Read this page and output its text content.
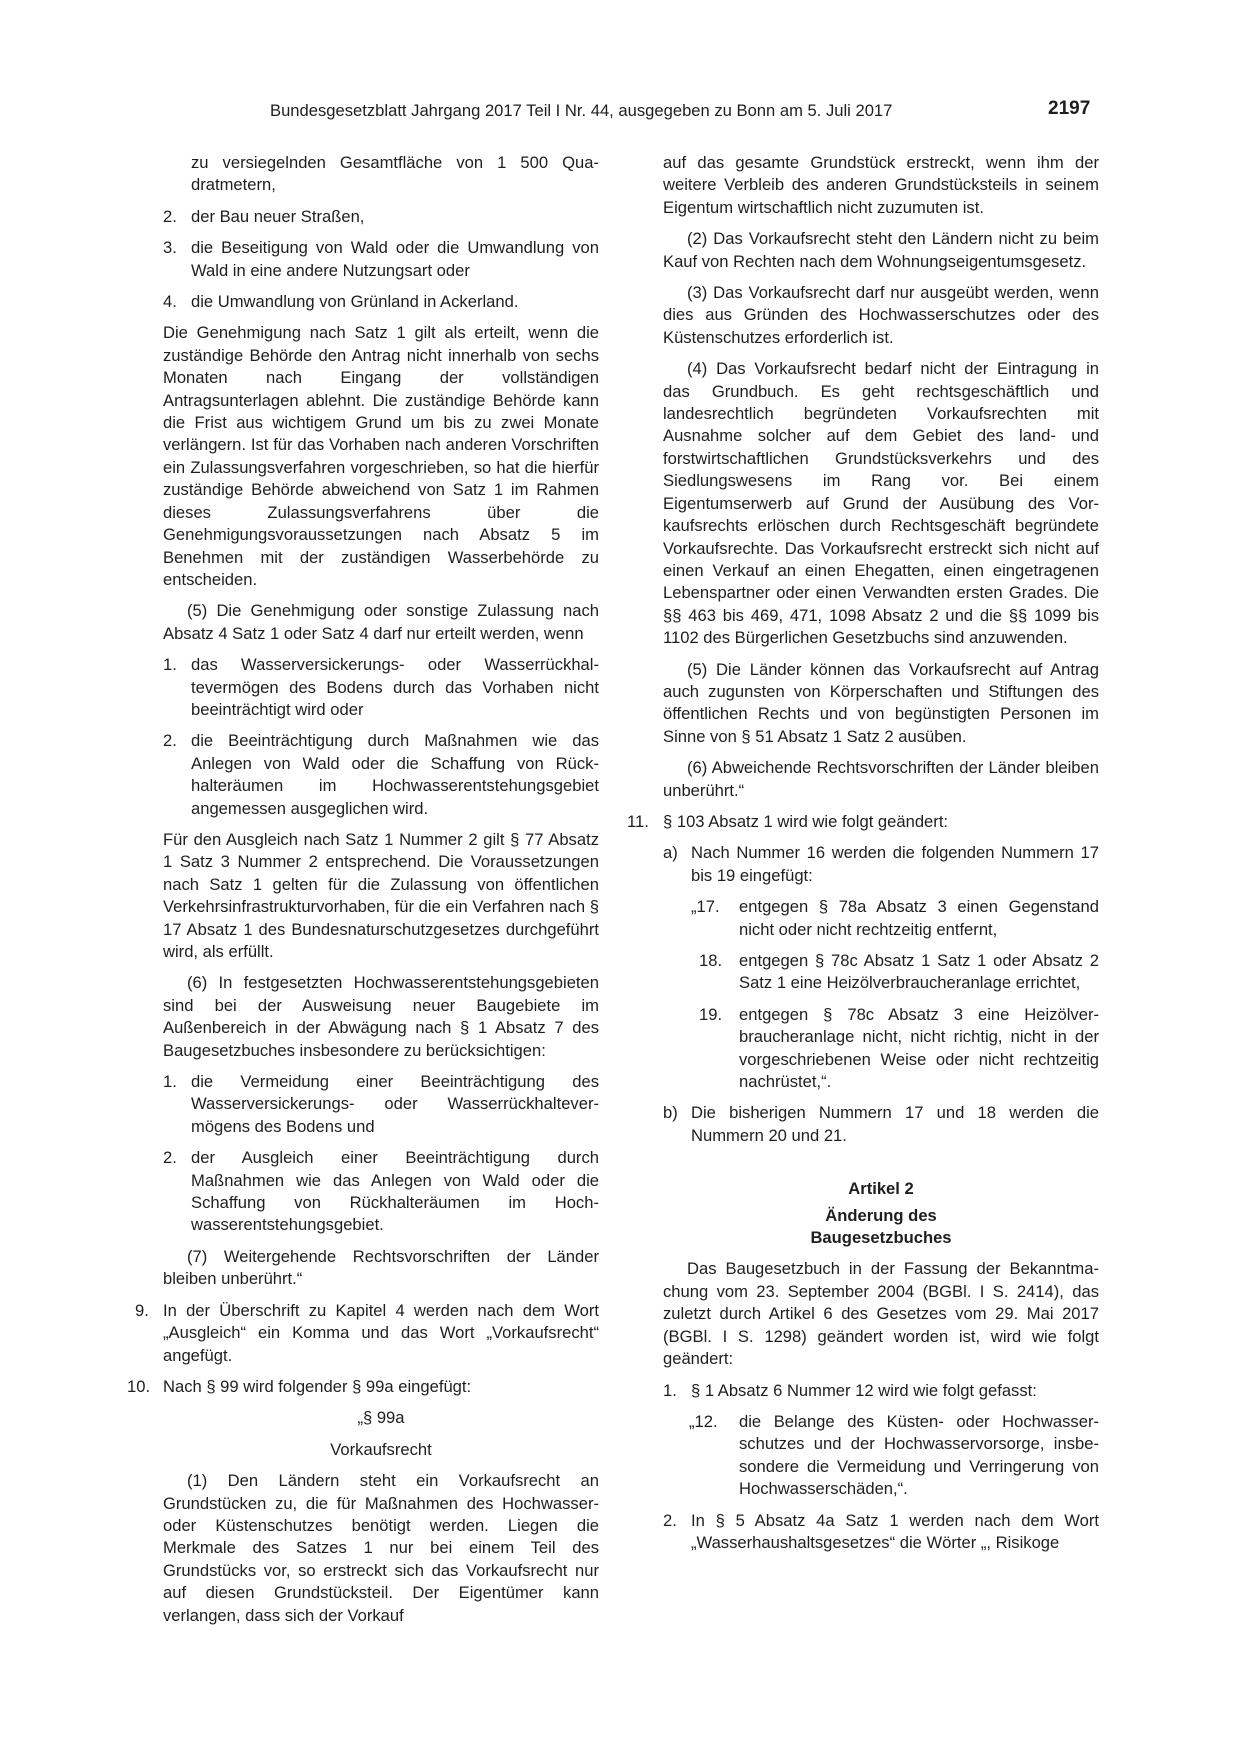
Bundesgesetzblatt Jahrgang 2017 Teil I Nr. 44, ausgegeben zu Bonn am 5. Juli 2017	2197

zu versiegelnden Gesamtfläche von 1 500 Quadratmetern,

2. der Bau neuer Straßen,
3. die Beseitigung von Wald oder die Umwandlung von Wald in eine andere Nutzungsart oder
4. die Umwandlung von Grünland in Ackerland.

Die Genehmigung nach Satz 1 gilt als erteilt, wenn die zuständige Behörde den Antrag nicht innerhalb von sechs Monaten nach Eingang der vollständigen Antragsunterlagen ablehnt. Die zuständige Behörde kann die Frist aus wichtigem Grund um bis zu zwei Monate verlängern. Ist für das Vorhaben nach anderen Vorschriften ein Zulassungsverfahren vorgeschrieben, so hat die hierfür zuständige Behörde abweichend von Satz 1 im Rahmen dieses Zulassungsverfahrens über die Genehmigungsvoraussetzungen nach Absatz 5 im Benehmen mit der zuständigen Wasserbehörde zu entscheiden.

(5) Die Genehmigung oder sonstige Zulassung nach Absatz 4 Satz 1 oder Satz 4 darf nur erteilt werden, wenn

1. das Wasserversickerungs- oder Wasserrückhaltevermögen des Bodens durch das Vorhaben nicht beeinträchtigt wird oder
2. die Beeinträchtigung durch Maßnahmen wie das Anlegen von Wald oder die Schaffung von Rückhalteräumen im Hochwasserentstehungsgebiet angemessen ausgeglichen wird.

Für den Ausgleich nach Satz 1 Nummer 2 gilt § 77 Absatz 1 Satz 3 Nummer 2 entsprechend. Die Voraussetzungen nach Satz 1 gelten für die Zulassung von öffentlichen Verkehrsinfrastrukturvorhaben, für die ein Verfahren nach § 17 Absatz 1 des Bundesnaturschutzgesetzes durchgeführt wird, als erfüllt.

(6) In festgesetzten Hochwasserentstehungsgebieten sind bei der Ausweisung neuer Baugebiete im Außenbereich in der Abwägung nach § 1 Absatz 7 des Baugesetzbuches insbesondere zu berücksichtigen:

1. die Vermeidung einer Beeinträchtigung des Wasserversickerungs- oder Wasserrückhaltevermögens des Bodens und
2. der Ausgleich einer Beeinträchtigung durch Maßnahmen wie das Anlegen von Wald oder die Schaffung von Rückhalteräumen im Hochwasserentstehungsgebiet.

(7) Weitergehende Rechtsvorschriften der Länder bleiben unberührt.“

9. In der Überschrift zu Kapitel 4 werden nach dem Wort „Ausgleich“ ein Komma und das Wort „Vorkaufsrecht“ angefügt.
10. Nach § 99 wird folgender § 99a eingefügt:

„§ 99a

Vorkaufsrecht

(1) Den Ländern steht ein Vorkaufsrecht an Grundstücken zu, die für Maßnahmen des Hochwasser- oder Küstenschutzes benötigt werden. Liegen die Merkmale des Satzes 1 nur bei einem Teil des Grundstücks vor, so erstreckt sich das Vorkaufsrecht nur auf diesen Grundstücksteil. Der Eigentümer kann verlangen, dass sich der Vorkauf

auf das gesamte Grundstück erstreckt, wenn ihm der weitere Verbleib des anderen Grundstücksteils in seinem Eigentum wirtschaftlich nicht zuzumuten ist.

(2) Das Vorkaufsrecht steht den Ländern nicht zu beim Kauf von Rechten nach dem Wohnungseigentumsgesetz.

(3) Das Vorkaufsrecht darf nur ausgeübt werden, wenn dies aus Gründen des Hochwasserschutzes oder des Küstenschutzes erforderlich ist.

(4) Das Vorkaufsrecht bedarf nicht der Eintragung in das Grundbuch. Es geht rechtsgeschäftlich und landesrechtlich begründeten Vorkaufsrechten mit Ausnahme solcher auf dem Gebiet des land- und forstwirtschaftlichen Grundstücksverkehrs und des Siedlungswesens im Rang vor. Bei einem Eigentumserwerb auf Grund der Ausübung des Vorkaufsrechts erlöschen durch Rechtsgeschäft begründete Vorkaufsrechte. Das Vorkaufsrecht erstreckt sich nicht auf einen Verkauf an einen Ehegatten, einen eingetragenen Lebenspartner oder einen Verwandten ersten Grades. Die §§ 463 bis 469, 471, 1098 Absatz 2 und die §§ 1099 bis 1102 des Bürgerlichen Gesetzbuchs sind anzuwenden.

(5) Die Länder können das Vorkaufsrecht auf Antrag auch zugunsten von Körperschaften und Stiftungen des öffentlichen Rechts und von begünstigten Personen im Sinne von § 51 Absatz 1 Satz 2 ausüben.

(6) Abweichende Rechtsvorschriften der Länder bleiben unberührt.“

11. § 103 Absatz 1 wird wie folgt geändert:
a) Nach Nummer 16 werden die folgenden Nummern 17 bis 19 eingefügt:
„17. entgegen § 78a Absatz 3 einen Gegenstand nicht oder nicht rechtzeitig entfernt,
18. entgegen § 78c Absatz 1 Satz 1 oder Absatz 2 Satz 1 eine Heizölverbraucheranlage errichtet,
19. entgegen § 78c Absatz 3 eine Heizölverbraucheranlage nicht, nicht richtig, nicht in der vorgeschriebenen Weise oder nicht rechtzeitig nachrüstet,“.
b) Die bisherigen Nummern 17 und 18 werden die Nummern 20 und 21.

Artikel 2

Änderung des

Baugesetzbuches

Das Baugesetzbuch in der Fassung der Bekanntmachung vom 23. September 2004 (BGBl. I S. 2414), das zuletzt durch Artikel 6 des Gesetzes vom 29. Mai 2017 (BGBl. I S. 1298) geändert worden ist, wird wie folgt geändert:

1. § 1 Absatz 6 Nummer 12 wird wie folgt gefasst:
„12. die Belange des Küsten- oder Hochwasserschutzes und der Hochwasservorsorge, insbesondere die Vermeidung und Verringerung von Hochwasserschäden,“.
2. In § 5 Absatz 4a Satz 1 werden nach dem Wort „Wasserhaushaltsgesetzes“ die Wörter „, Risikoge
